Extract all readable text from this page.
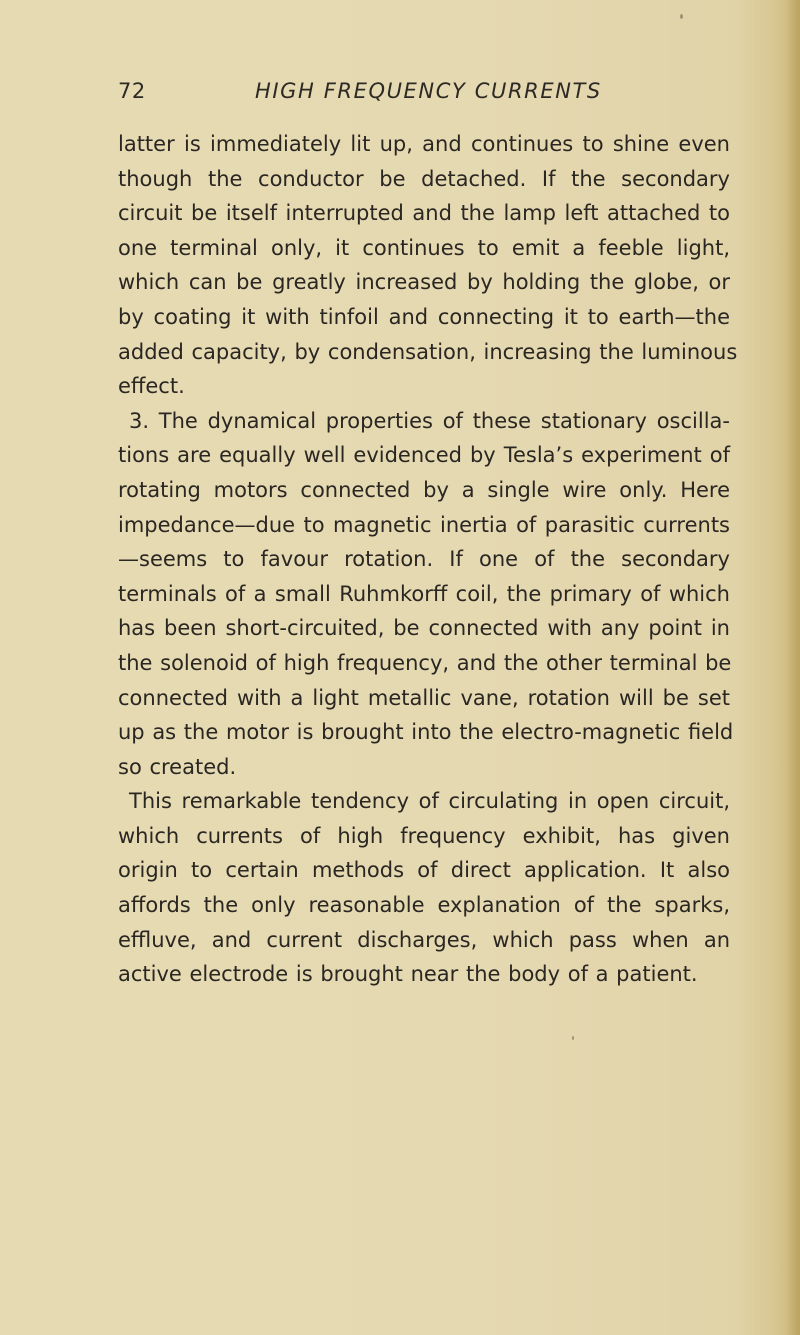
72	HIGH FREQUENCY CURRENTS
latter is immediately lit up, and continues to shine even
though the conductor be detached. If the secondary
circuit be itself interrupted and the lamp left attached to
one terminal only, it continues to emit a feeble light,
which can be greatly increased by holding the globe, or
by coating it with tinfoil and connecting it to earth—the
added capacity, by condensation, increasing the luminous
effect.
3. The dynamical properties of these stationary oscilla-
tions are equally well evidenced by Tesla’s experiment of
rotating motors connected by a single wire only. Here
impedance—due to magnetic inertia of parasitic currents
—seems to favour rotation. If one of the secondary
terminals of a small Ruhmkorff coil, the primary of which
has been short-circuited, be connected with any point in
the solenoid of high frequency, and the other terminal be
connected with a light metallic vane, rotation will be set
up as the motor is brought into the electro-magnetic field
so created.
This remarkable tendency of circulating in open circuit,
which currents of high frequency exhibit, has given
origin to certain methods of direct application. It also
affords the only reasonable explanation of the sparks,
effluve, and current discharges, which pass when an
active electrode is brought near the body of a patient.
